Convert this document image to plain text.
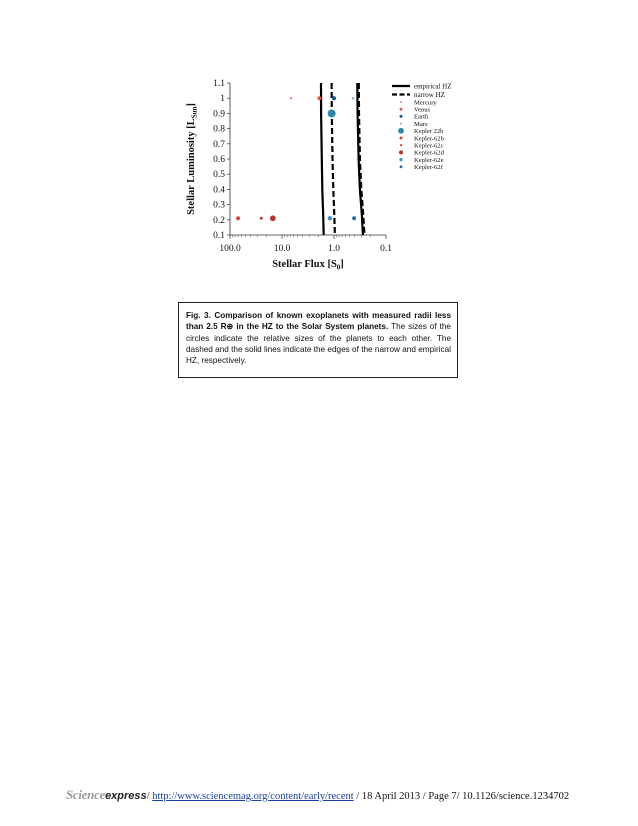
0.1
0.2
0.3
0.4
0.5
0.6
0.7
0.8
0.9
1
1.1
100.0	10.0	1.0	0.1
Stellar Flux $[S_0]$
Stellar Luminosity $[L_{Sun}]$
empirical HZ
narrow HZ
Mercury
Venus
Earth
Mars
Kepler 22b
Kepler-62b
Kepler-62c
Kepler-62d
Kepler-62e
Kepler-62f
Fig. 3. Comparison of known exoplanets with measured radii less than 2.5 R⊕ in the HZ to the Solar System planets. The sizes of the circles indicate the relative sizes of the planets to each other. The dashed and the solid lines indicate the edges of the narrow and empirical HZ, respectively.
Scienceexpress/ http://www.sciencemag.org/content/early/recent / 18 April 2013 / Page 7/ 10.1126/science.1234702
